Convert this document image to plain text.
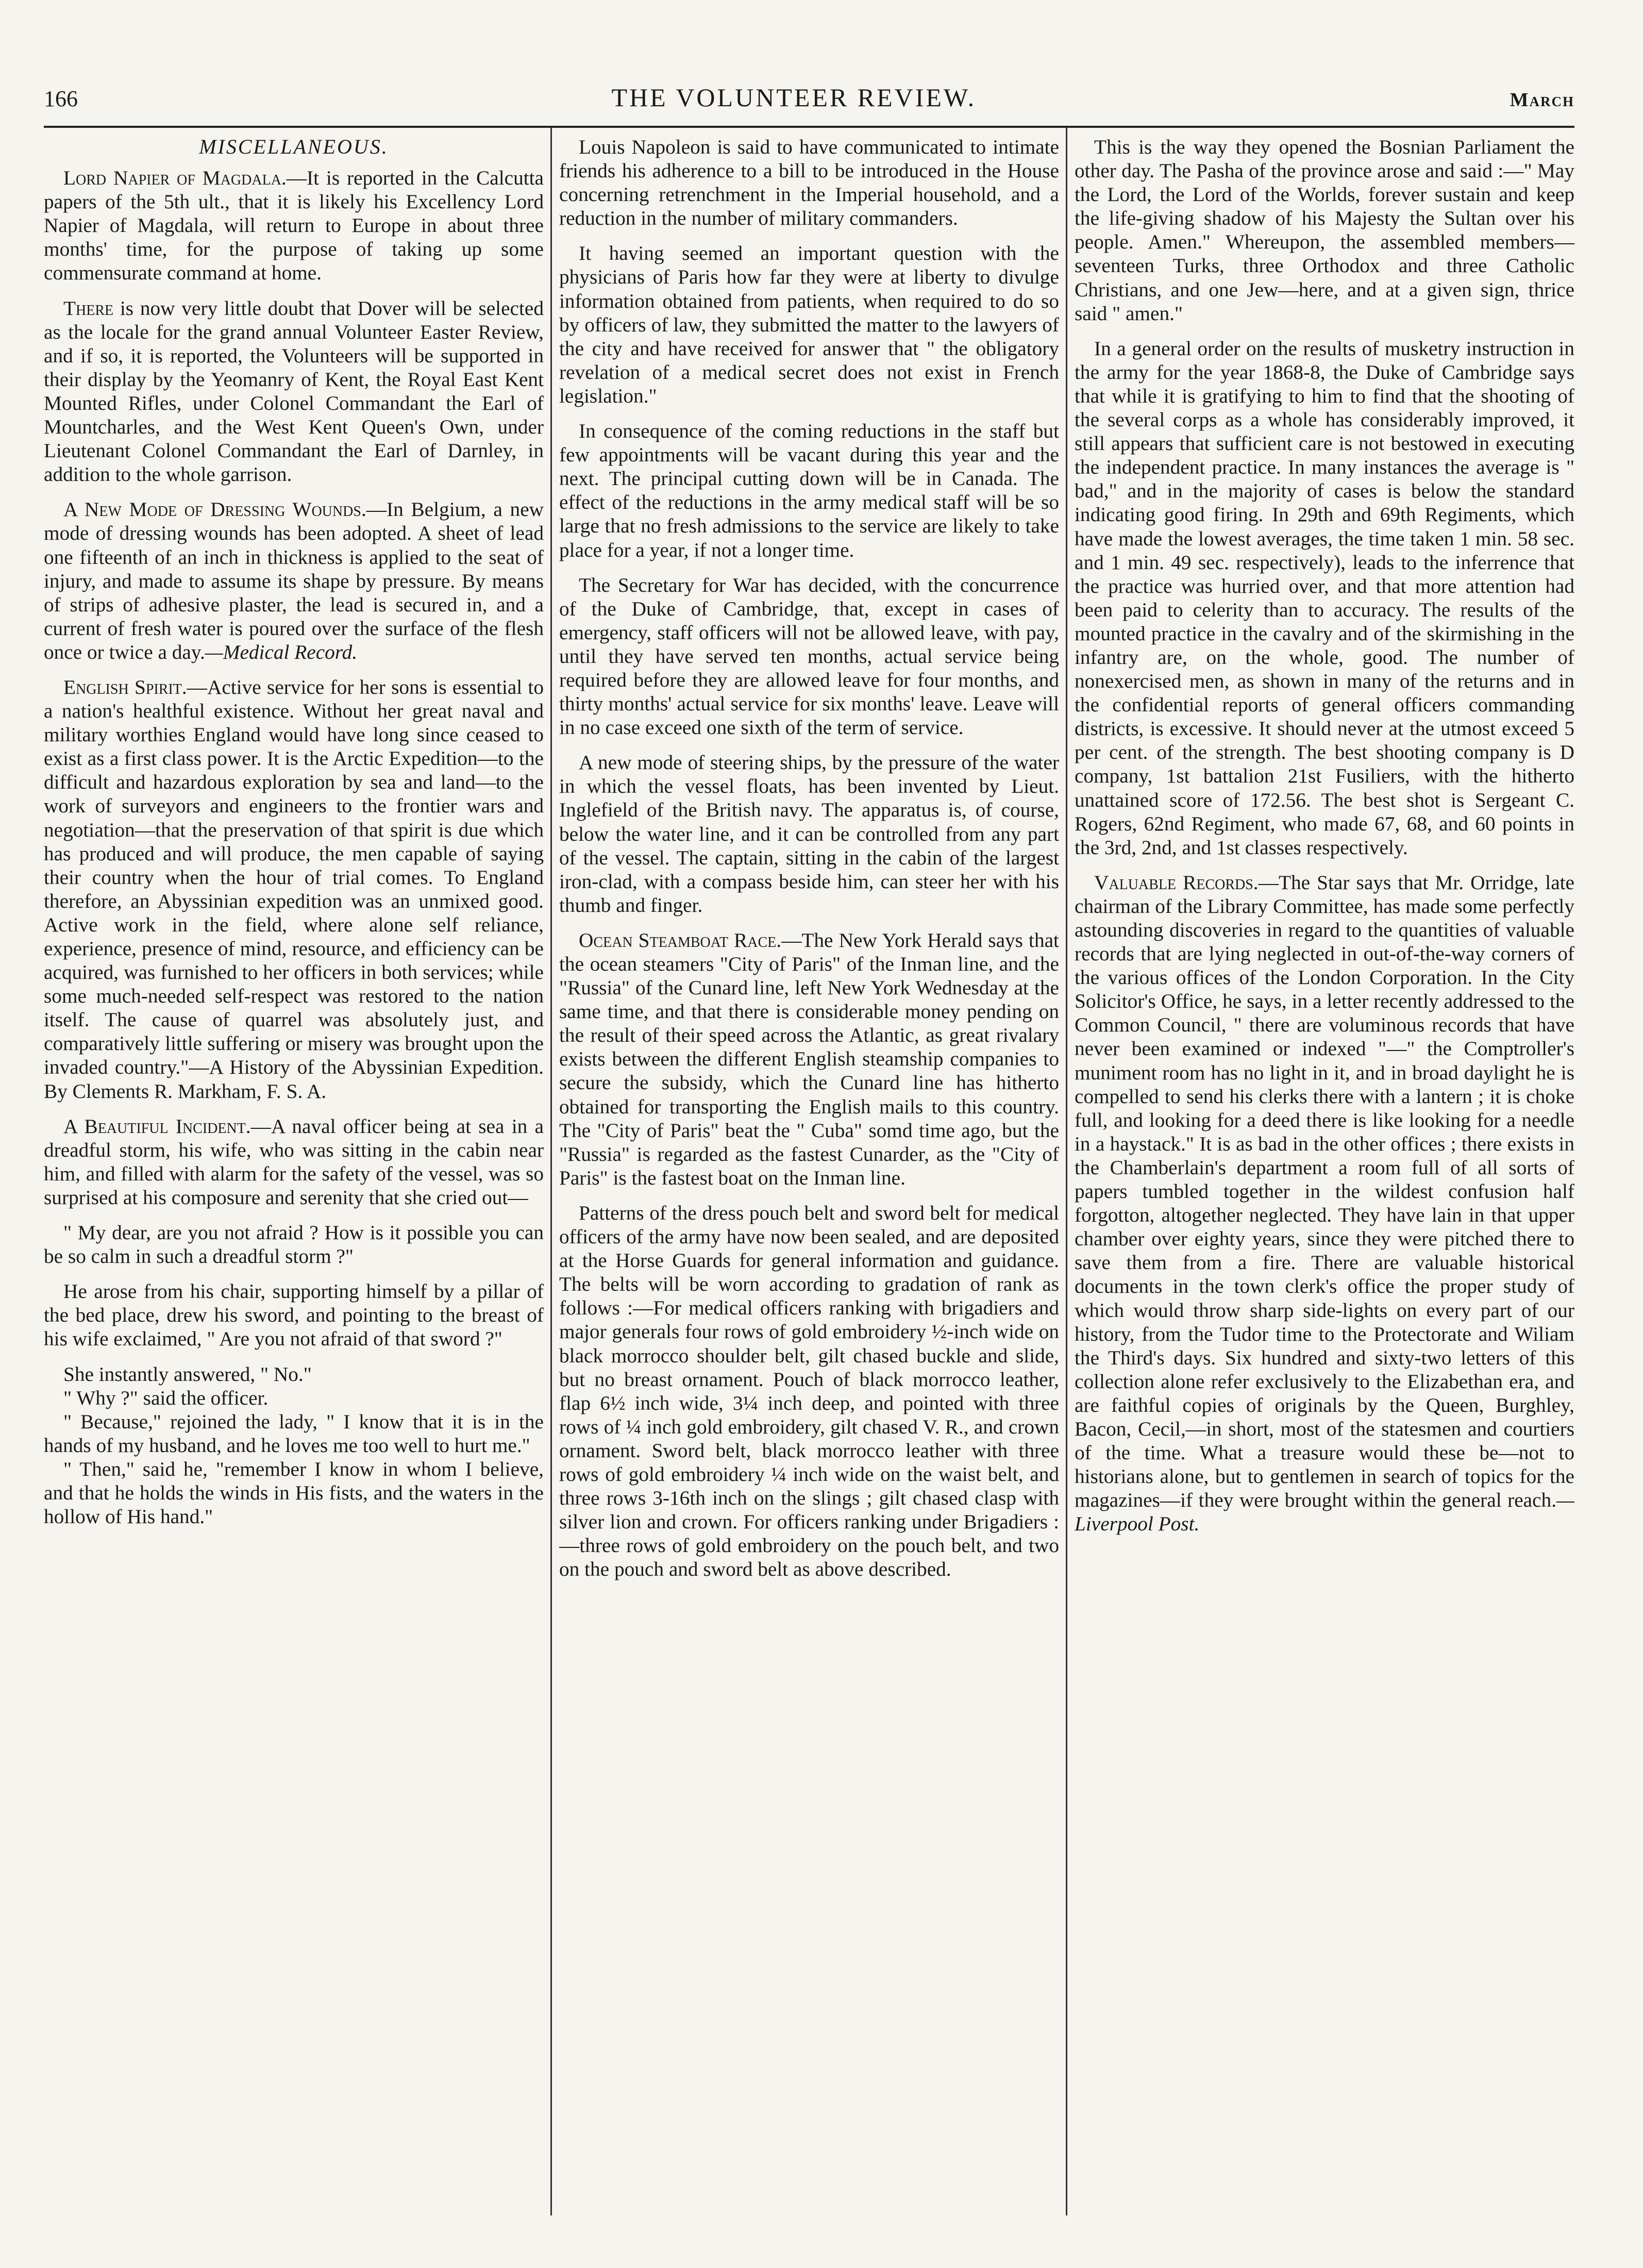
166	THE VOLUNTEER REVIEW.	March
MISCELLANEOUS.

Lord Napier of Magdala.—It is reported in the Calcutta papers of the 5th ult., that it is likely his Excellency Lord Napier of Magdala, will return to Europe in about three months' time, for the purpose of taking up some commensurate command at home.

There is now very little doubt that Dover will be selected as the locale for the grand annual Volunteer Easter Review, and if so, it is reported, the Volunteers will be supported in their display by the Yeomanry of Kent, the Royal East Kent Mounted Rifles, under Colonel Commandant the Earl of Mountcharles, and the West Kent Queen's Own, under Lieutenant Colonel Commandant the Earl of Darnley, in addition to the whole garrison.

A New Mode of Dressing Wounds.—In Belgium, a new mode of dressing wounds has been adopted. A sheet of lead one fifteenth of an inch in thickness is applied to the seat of injury, and made to assume its shape by pressure. By means of strips of adhesive plaster, the lead is secured in, and a current of fresh water is poured over the surface of the flesh once or twice a day.—Medical Record.

English Spirit.—Active service for her sons is essential to a nation's healthful existence. Without her great naval and military worthies England would have long since ceased to exist as a first class power. It is the Arctic Expedition—to the difficult and hazardous exploration by sea and land—to the work of surveyors and engineers to the frontier wars and negotiation—that the preservation of that spirit is due which has produced and will produce, the men capable of saying their country when the hour of trial comes. To England therefore, an Abyssinian expedition was an unmixed good. Active work in the field, where alone self reliance, experience, presence of mind, resource, and efficiency can be acquired, was furnished to her officers in both services; while some much-needed self-respect was restored to the nation itself. The cause of quarrel was absolutely just, and comparatively little suffering or misery was brought upon the invaded country."—A History of the Abyssinian Expedition. By Clements R. Markham, F. S. A.

A Beautiful Incident.—A naval officer being at sea in a dreadful storm, his wife, who was sitting in the cabin near him, and filled with alarm for the safety of the vessel, was so surprised at his composure and serenity that she cried out—

" My dear, are you not afraid ? How is it possible you can be so calm in such a dreadful storm ?"

He arose from his chair, supporting himself by a pillar of the bed place, drew his sword, and pointing to the breast of his wife exclaimed, " Are you not afraid of that sword ?"

She instantly answered, " No."

" Why ?" said the officer.

" Because," rejoined the lady, " I know that it is in the hands of my husband, and he loves me too well to hurt me."

" Then," said he, "remember I know in whom I believe, and that he holds the winds in His fists, and the waters in the hollow of His hand."

Louis Napoleon is said to have communicated to intimate friends his adherence to a bill to be introduced in the House concerning retrenchment in the Imperial household, and a reduction in the number of military commanders.

It having seemed an important question with the physicians of Paris how far they were at liberty to divulge information obtained from patients, when required to do so by officers of law, they submitted the matter to the lawyers of the city and have received for answer that " the obligatory revelation of a medical secret does not exist in French legislation."

In consequence of the coming reductions in the staff but few appointments will be vacant during this year and the next. The principal cutting down will be in Canada. The effect of the reductions in the army medical staff will be so large that no fresh admissions to the service are likely to take place for a year, if not a longer time.

The Secretary for War has decided, with the concurrence of the Duke of Cambridge, that, except in cases of emergency, staff officers will not be allowed leave, with pay, until they have served ten months, actual service being required before they are allowed leave for four months, and thirty months' actual service for six months' leave. Leave will in no case exceed one sixth of the term of service.

A new mode of steering ships, by the pressure of the water in which the vessel floats, has been invented by Lieut. Inglefield of the British navy. The apparatus is, of course, below the water line, and it can be controlled from any part of the vessel. The captain, sitting in the cabin of the largest iron-clad, with a compass beside him, can steer her with his thumb and finger.

Ocean Steamboat Race.—The New York Herald says that the ocean steamers "City of Paris" of the Inman line, and the "Russia" of the Cunard line, left New York Wednesday at the same time, and that there is considerable money pending on the result of their speed across the Atlantic, as great rivalary exists between the different English steamship companies to secure the subsidy, which the Cunard line has hitherto obtained for transporting the English mails to this country. The "City of Paris" beat the " Cuba" somd time ago, but the "Russia" is regarded as the fastest Cunarder, as the "City of Paris" is the fastest boat on the Inman line.

Patterns of the dress pouch belt and sword belt for medical officers of the army have now been sealed, and are deposited at the Horse Guards for general information and guidance. The belts will be worn according to gradation of rank as follows :—For medical officers ranking with brigadiers and major generals four rows of gold embroidery ½-inch wide on black morrocco shoulder belt, gilt chased buckle and slide, but no breast ornament. Pouch of black morrocco leather, flap 6½ inch wide, 3¼ inch deep, and pointed with three rows of ¼ inch gold embroidery, gilt chased V. R., and crown ornament. Sword belt, black morrocco leather with three rows of gold embroidery ¼ inch wide on the waist belt, and three rows 3-16th inch on the slings ; gilt chased clasp with silver lion and crown. For officers ranking under Brigadiers :—three rows of gold embroidery on the pouch belt, and two on the pouch and sword belt as above described.

This is the way they opened the Bosnian Parliament the other day. The Pasha of the province arose and said :—" May the Lord, the Lord of the Worlds, forever sustain and keep the life-giving shadow of his Majesty the Sultan over his people. Amen." Whereupon, the assembled members—seventeen Turks, three Orthodox and three Catholic Christians, and one Jew—here, and at a given sign, thrice said " amen."

In a general order on the results of musketry instruction in the army for the year 1868-8, the Duke of Cambridge says that while it is gratifying to him to find that the shooting of the several corps as a whole has considerably improved, it still appears that sufficient care is not bestowed in executing the independent practice. In many instances the average is " bad," and in the majority of cases is below the standard indicating good firing. In 29th and 69th Regiments, which have made the lowest averages, the time taken 1 min. 58 sec. and 1 min. 49 sec. respectively), leads to the inferrence that the practice was hurried over, and that more attention had been paid to celerity than to accuracy. The results of the mounted practice in the cavalry and of the skirmishing in the infantry are, on the whole, good. The number of nonexercised men, as shown in many of the returns and in the confidential reports of general officers commanding districts, is excessive. It should never at the utmost exceed 5 per cent. of the strength. The best shooting company is D company, 1st battalion 21st Fusiliers, with the hitherto unattained score of 172.56. The best shot is Sergeant C. Rogers, 62nd Regiment, who made 67, 68, and 60 points in the 3rd, 2nd, and 1st classes respectively.

Valuable Records.—The Star says that Mr. Orridge, late chairman of the Library Committee, has made some perfectly astounding discoveries in regard to the quantities of valuable records that are lying neglected in out-of-the-way corners of the various offices of the London Corporation. In the City Solicitor's Office, he says, in a letter recently addressed to the Common Council, " there are voluminous records that have never been examined or indexed "—" the Comptroller's muniment room has no light in it, and in broad daylight he is compelled to send his clerks there with a lantern ; it is choke full, and looking for a deed there is like looking for a needle in a haystack." It is as bad in the other offices ; there exists in the Chamberlain's department a room full of all sorts of papers tumbled together in the wildest confusion half forgotton, altogether neglected. They have lain in that upper chamber over eighty years, since they were pitched there to save them from a fire. There are valuable historical documents in the town clerk's office the proper study of which would throw sharp side-lights on every part of our history, from the Tudor time to the Protectorate and Wiliam the Third's days. Six hundred and sixty-two letters of this collection alone refer exclusively to the Elizabethan era, and are faithful copies of originals by the Queen, Burghley, Bacon, Cecil,—in short, most of the statesmen and courtiers of the time. What a treasure would these be—not to historians alone, but to gentlemen in search of topics for the magazines—if they were brought within the general reach.—Liverpool Post.
